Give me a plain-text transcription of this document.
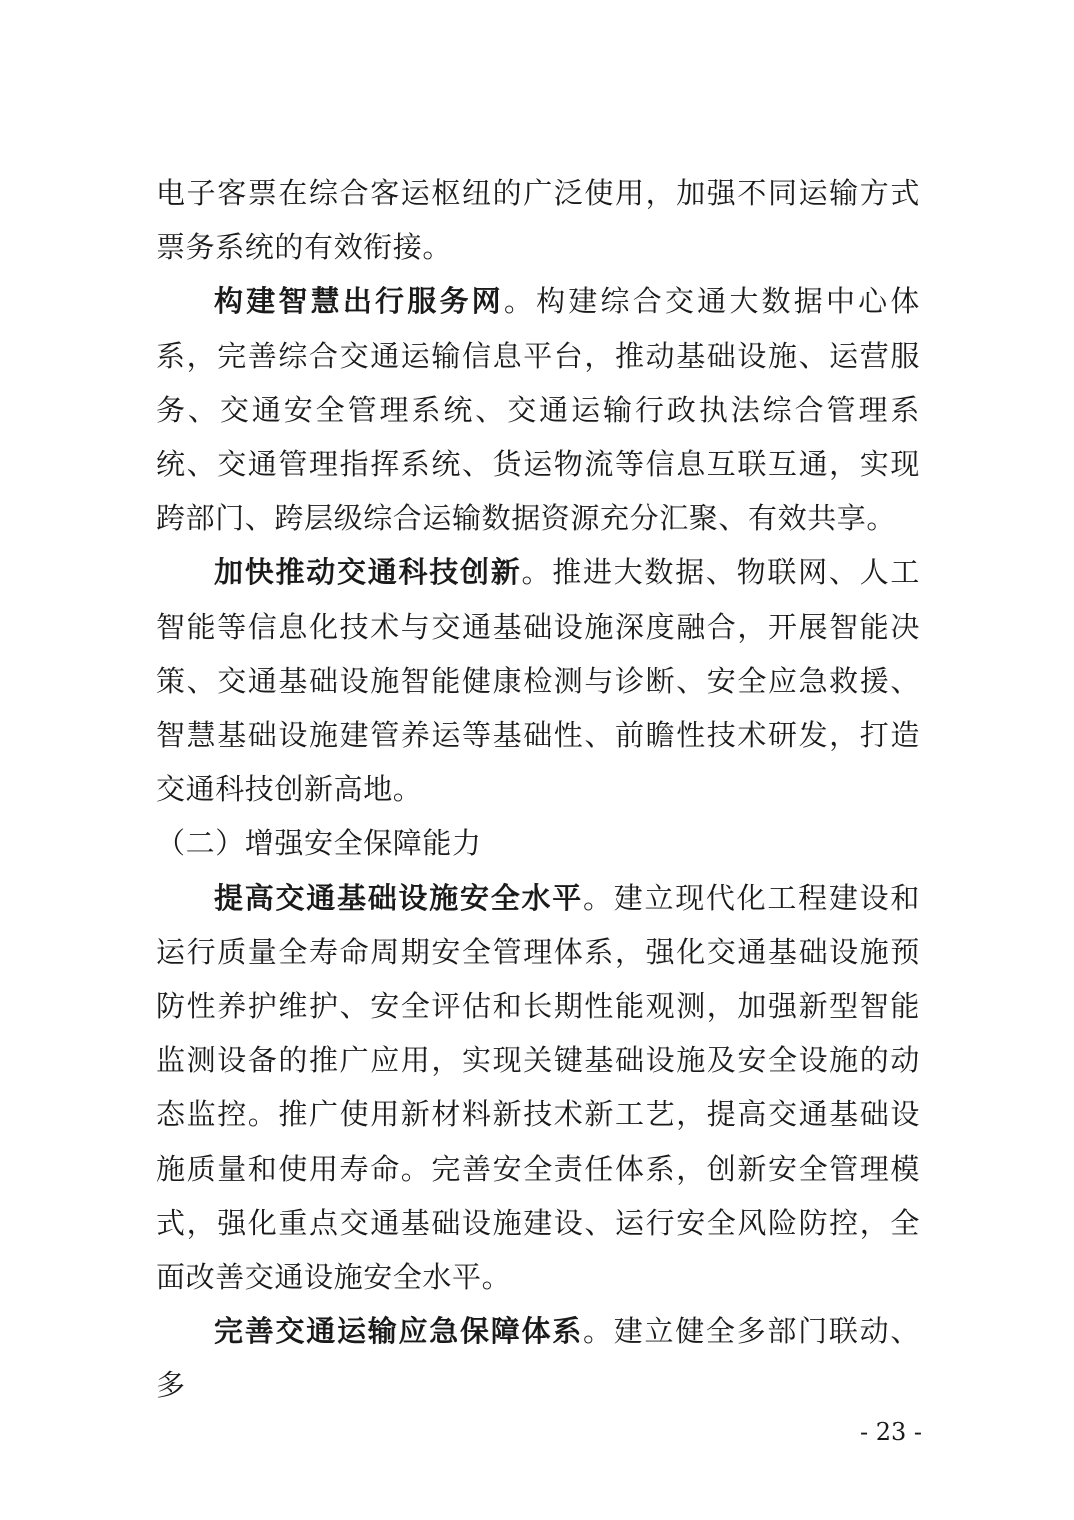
电子客票在综合客运枢纽的广泛使用，加强不同运输方式票务系统的有效衔接。

构建智慧出行服务网。构建综合交通大数据中心体系，完善综合交通运输信息平台，推动基础设施、运营服务、交通安全管理系统、交通运输行政执法综合管理系统、交通管理指挥系统、货运物流等信息互联互通，实现跨部门、跨层级综合运输数据资源充分汇聚、有效共享。

加快推动交通科技创新。推进大数据、物联网、人工智能等信息化技术与交通基础设施深度融合，开展智能决策、交通基础设施智能健康检测与诊断、安全应急救援、智慧基础设施建管养运等基础性、前瞻性技术研发，打造交通科技创新高地。

（二）增强安全保障能力

提高交通基础设施安全水平。建立现代化工程建设和运行质量全寿命周期安全管理体系，强化交通基础设施预防性养护维护、安全评估和长期性能观测，加强新型智能监测设备的推广应用，实现关键基础设施及安全设施的动态监控。推广使用新材料新技术新工艺，提高交通基础设施质量和使用寿命。完善安全责任体系，创新安全管理模式，强化重点交通基础设施建设、运行安全风险防控，全面改善交通设施安全水平。

完善交通运输应急保障体系。建立健全多部门联动、多

- 23 -
